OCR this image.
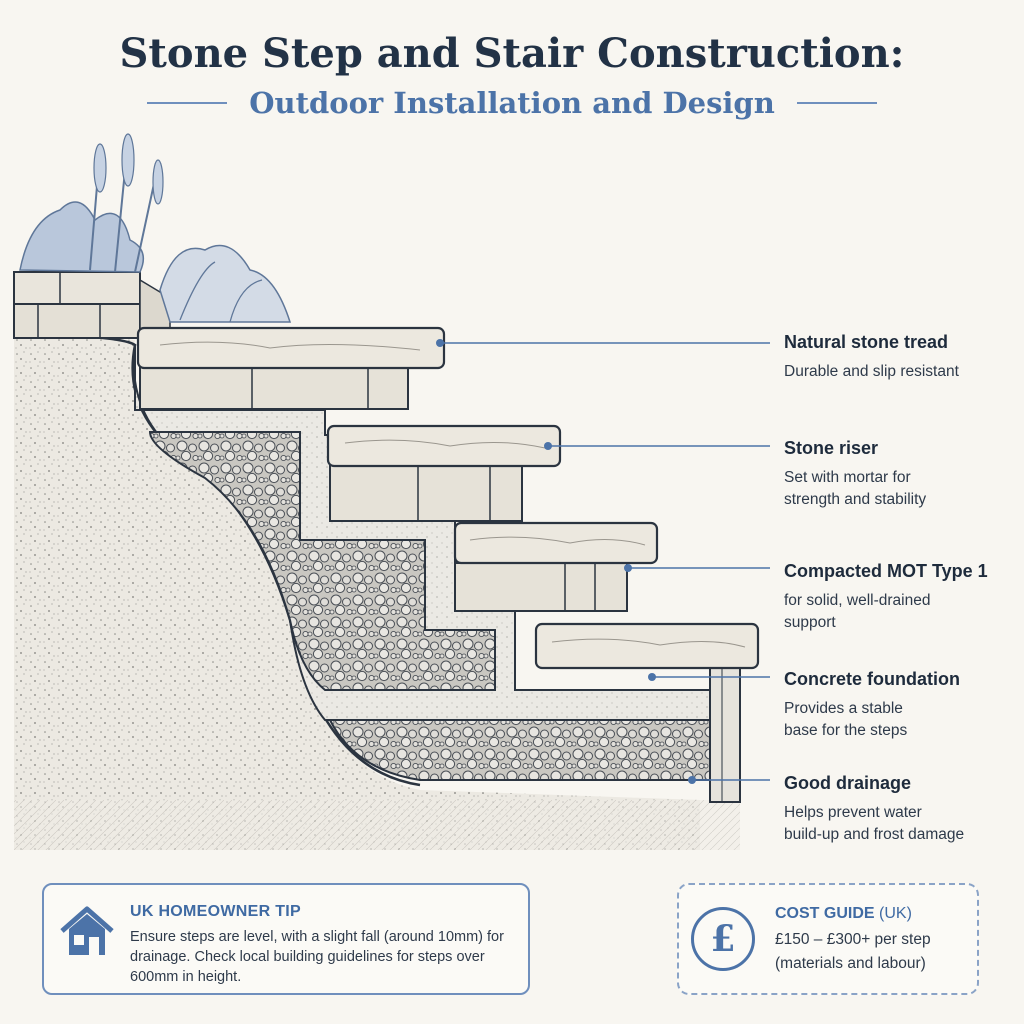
Stone Step and Stair Construction:
Outdoor Installation and Design

Natural stone tread

Durable and slip resistant

Stone riser

Set with mortar for
strength and stability

Compacted MOT Type 1

for solid, well-drained
support

Concrete foundation

Provides a stable
base for the steps

Good drainage

Helps prevent water
build-up and frost damage

UK HOMEOWNER TIP
Ensure steps are level, with a slight fall (around 10mm) for drainage. Check local building guidelines for steps over 600mm in height.
£
COST GUIDE (UK)
£150 – £300+ per step
(materials and labour)
